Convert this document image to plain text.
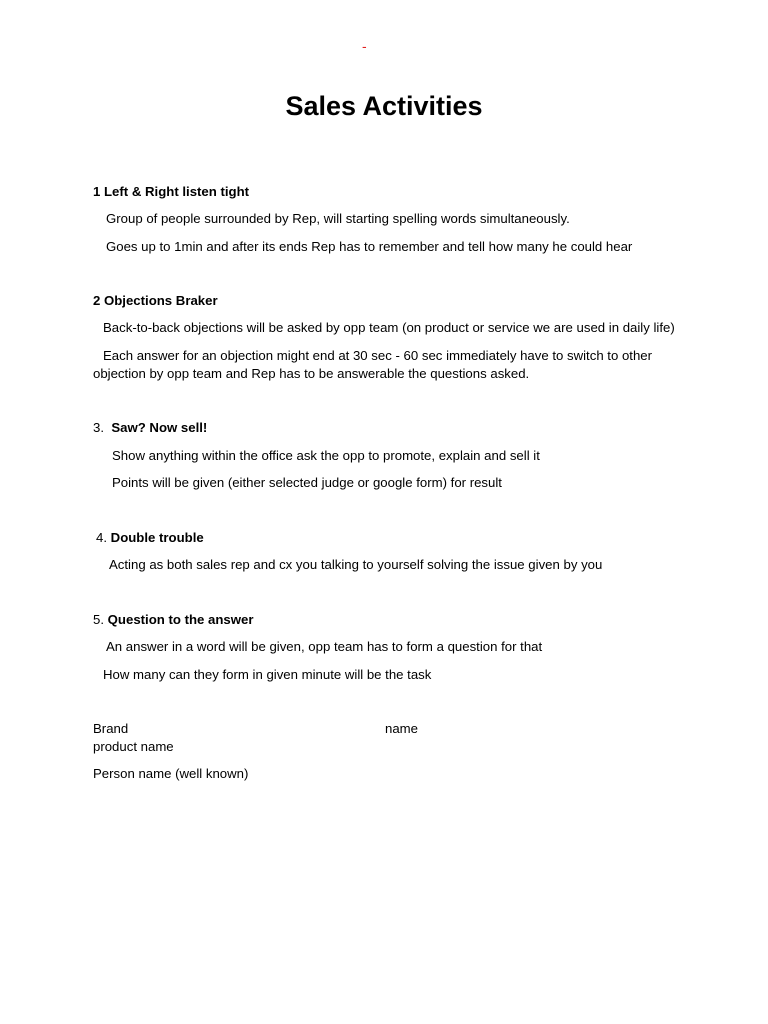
-
Sales Activities
1 Left & Right listen tight
Group of people surrounded by Rep, will starting spelling words simultaneously.
Goes up to 1min and after its ends Rep has to remember and tell how many he could hear
2 Objections Braker
Back-to-back objections will be asked by opp team (on product or service we are used in daily life)
Each answer for an objection might end at 30 sec - 60 sec immediately have to switch to other
objection by opp team and Rep has to be answerable the questions asked.
3. Saw? Now sell!
Show anything within the office ask the opp to promote, explain and sell it
Points will be given (either selected judge or google form) for result
4. Double trouble
Acting as both sales rep and cx you talking to yourself solving the issue given by you
5. Question to the answer
An answer in a word will be given, opp team has to form a question for that
How many can they form in given minute will be the task
Brand	name
product name
Person name (well known)
